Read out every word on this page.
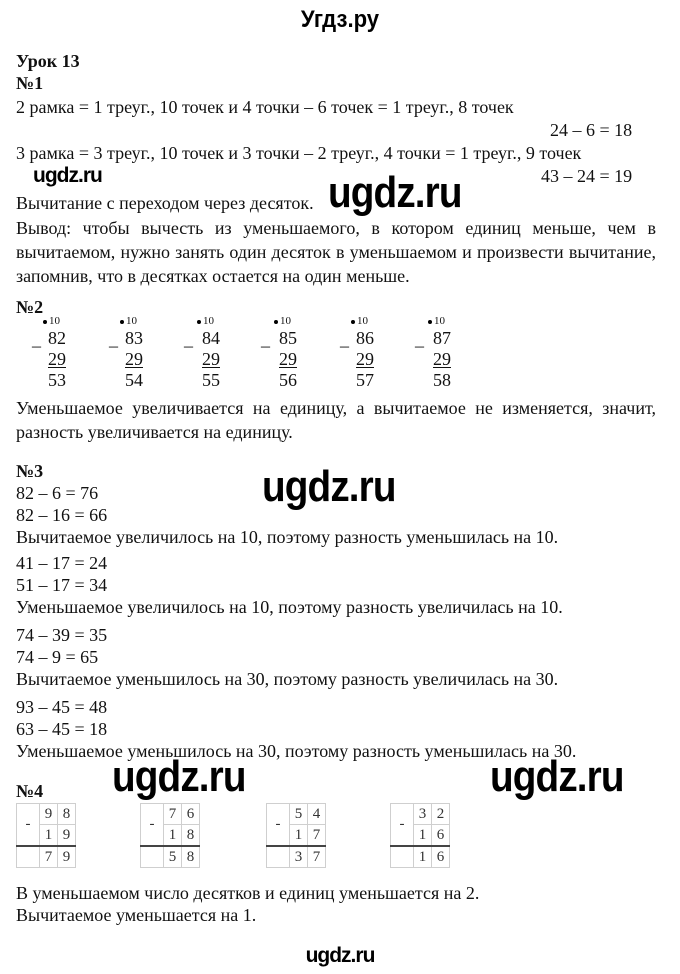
Угдз.ру
Урок 13
№1
2 рамка = 1 треуг., 10 точек и 4 точки – 6 точек = 1 треуг., 8 точек
24 – 6 = 18
3 рамка = 3 треуг., 10 точек и 3 точки – 2 треуг., 4 точки = 1 треуг., 9 точек
43 – 24 = 19
ugdz.ru
Вычитание с переходом через десяток. ugdz.ru
Вывод: чтобы вычесть из уменьшаемого, в котором единиц меньше, чем в вычитаемом, нужно занять один десяток в уменьшаемом и произвести вычитание, запомнив, что в десятках остается на один меньше.
№2
10
_ 82
29
53
10
_ 83
29
54
10
_ 84
29
55
10
_ 85
29
56
10
_ 86
29
57
10
_ 87
29
58
Уменьшаемое увеличивается на единицу, а вычитаемое не изменяется, значит, разность увеличивается на единицу.
№3	ugdz.ru
82 – 6 = 76
82 – 16 = 66
Вычитаемое увеличилось на 10, поэтому разность уменьшилась на 10.
41 – 17 = 24
51 – 17 = 34
Уменьшаемое увеличилось на 10, поэтому разность увеличилась на 10.
74 – 39 = 35
74 – 9 = 65
Вычитаемое уменьшилось на 30, поэтому разность увеличилась на 30.
93 – 45 = 48
63 – 45 = 18
Уменьшаемое уменьшилось на 30, поэтому разность уменьшилась на 30.
ugdz.ru	ugdz.ru
№4
-	9	8
	1	9
	7	9
-	7	6
	1	8
	5	8
-	5	4
	1	7
	3	7
-	3	2
	1	6
	1	6
В уменьшаемом число десятков и единиц уменьшается на 2.
Вычитаемое уменьшается на 1.
ugdz.ru
